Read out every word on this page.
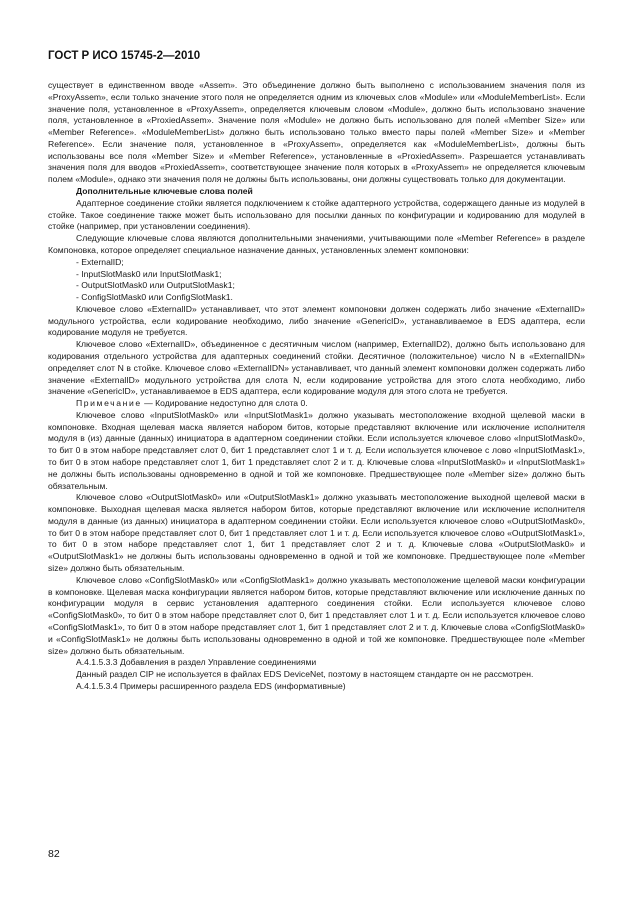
ГОСТ Р ИСО 15745-2—2010

существует в единственном вводе «Assem». Это объединение должно быть выполнено с использованием значения поля из «ProxyAssem», если только значение этого поля не определяется одним из ключевых слов «Module» или «ModuleMemberList». Если значение поля, установленное в «ProxyAssem», определяется ключевым словом «Module», должно быть использовано значение поля, установленное в «ProxiedAssem». Значение поля «Module» не должно быть использовано для полей «Member Size» или «Member Reference». «ModuleMemberList» должно быть использовано только вместо пары полей «Member Size» и «Member Reference». Если значение поля, установленное в «ProxyAssem», определяется как «ModuleMemberList», должны быть использованы все поля «Member Size» и «Member Reference», установленные в «ProxiedAssem». Разрешается устанавливать значения поля для вводов «ProxiedAssem», соответствующее значение поля которых в «ProxyAssem» не определяется ключевым полем «Module», однако эти значения поля не должны быть использованы, они должны существовать только для документации.

Дополнительные ключевые слова полей

Адаптерное соединение стойки является подключением к стойке адаптерного устройства, содержащего данные из модулей в стойке. Такое соединение также может быть использовано для посылки данных по конфигурации и кодированию для модулей в стойке (например, при установлении соединения).

Следующие ключевые слова являются дополнительными значениями, учитывающими поле «Member Reference» в разделе Компоновка, которое определяет специальное назначение данных, установленных элемент компоновки:

- ExternalID;

- InputSlotMask0 или InputSlotMask1;

- OutputSlotMask0 или OutputSlotMask1;

- ConfigSlotMask0 или ConfigSlotMask1.

Ключевое слово «ExternalID» устанавливает, что этот элемент компоновки должен содержать либо значение «ExternalID» модульного устройства, если кодирование необходимо, либо значение «GenericID», устанавливаемое в EDS адаптера, если кодирование модуля не требуется.

Ключевое слово «ExternalID», объединенное с десятичным числом (например, ExternalID2), должно быть использовано для кодирования отдельного устройства для адаптерных соединений стойки. Десятичное (положительное) число N в «ExternalIDN» определяет слот N в стойке. Ключевое слово «ExternalIDN» устанавливает, что данный элемент компоновки должен содержать либо значение «ExternalID» модульного устройства для слота N, если кодирование устройства для этого слота необходимо, либо значение «GenericID», устанавливаемое в EDS адаптера, если кодирование модуля для этого слота не требуется.

Примечание — Кодирование недоступно для слота 0.

Ключевое слово «InputSlotMask0» или «InputSlotMask1» должно указывать местоположение входной щелевой маски в компоновке. Входная щелевая маска является набором битов, которые представляют включение или исключение исполнителя модуля в (из) данные (данных) инициатора в адаптерном соединении стойки. Если используется ключевое слово «InputSlotMask0», то бит 0 в этом наборе представляет слот 0, бит 1 представляет слот 1 и т. д. Если используется ключевое с лово «InputSlotMask1», то бит 0 в этом наборе представляет слот 1, бит 1 представляет слот 2 и т. д. Ключевые слова «InputSlotMask0» и «InputSlotMask1» не должны быть использованы одновременно в одной и той же компоновке. Предшествующее поле «Member size» должно быть обязательным.

Ключевое слово «OutputSlotMask0» или «OutputSlotMask1» должно указывать местоположение выходной щелевой маски в компоновке. Выходная щелевая маска является набором битов, которые представляют включение или исключение исполнителя модуля в данные (из данных) инициатора в адаптерном соединении стойки. Если используется ключевое слово «OutputSlotMask0», то бит 0 в этом наборе представляет слот 0, бит 1 представляет слот 1 и т. д. Если используется ключевое слово «OutputSlotMask1», то бит 0 в этом наборе представляет слот 1, бит 1 представляет слот 2 и т. д. Ключевые слова «OutputSlotMask0» и «OutputSlotMask1» не должны быть использованы одновременно в одной и той же компоновке. Предшествующее поле «Member size» должно быть обязательным.

Ключевое слово «ConfigSlotMask0» или «ConfigSlotMask1» должно указывать местоположение щелевой маски конфигурации в компоновке. Щелевая маска конфигурации является набором битов, которые представляют включение или исключение данных по конфигурации модуля в сервис установления адаптерного соединения стойки. Если используется ключевое слово «ConfigSlotMask0», то бит 0 в этом наборе представляет слот 0, бит 1 представляет слот 1 и т. д. Если используется ключевое слово «ConfigSlotMask1», то бит 0 в этом наборе представляет слот 1, бит 1 представляет слот 2 и т. д. Ключевые слова «ConfigSlotMask0» и «ConfigSlotMask1» не должны быть использованы одновременно в одной и той же компоновке. Предшествующее поле «Member size» должно быть обязательным.

А.4.1.5.3.3 Добавления в раздел Управление соединениями

Данный раздел CIP не используется в файлах EDS DeviceNet, поэтому в настоящем стандарте он не рассмотрен.

А.4.1.5.3.4 Примеры расширенного раздела EDS (информативные)

82
